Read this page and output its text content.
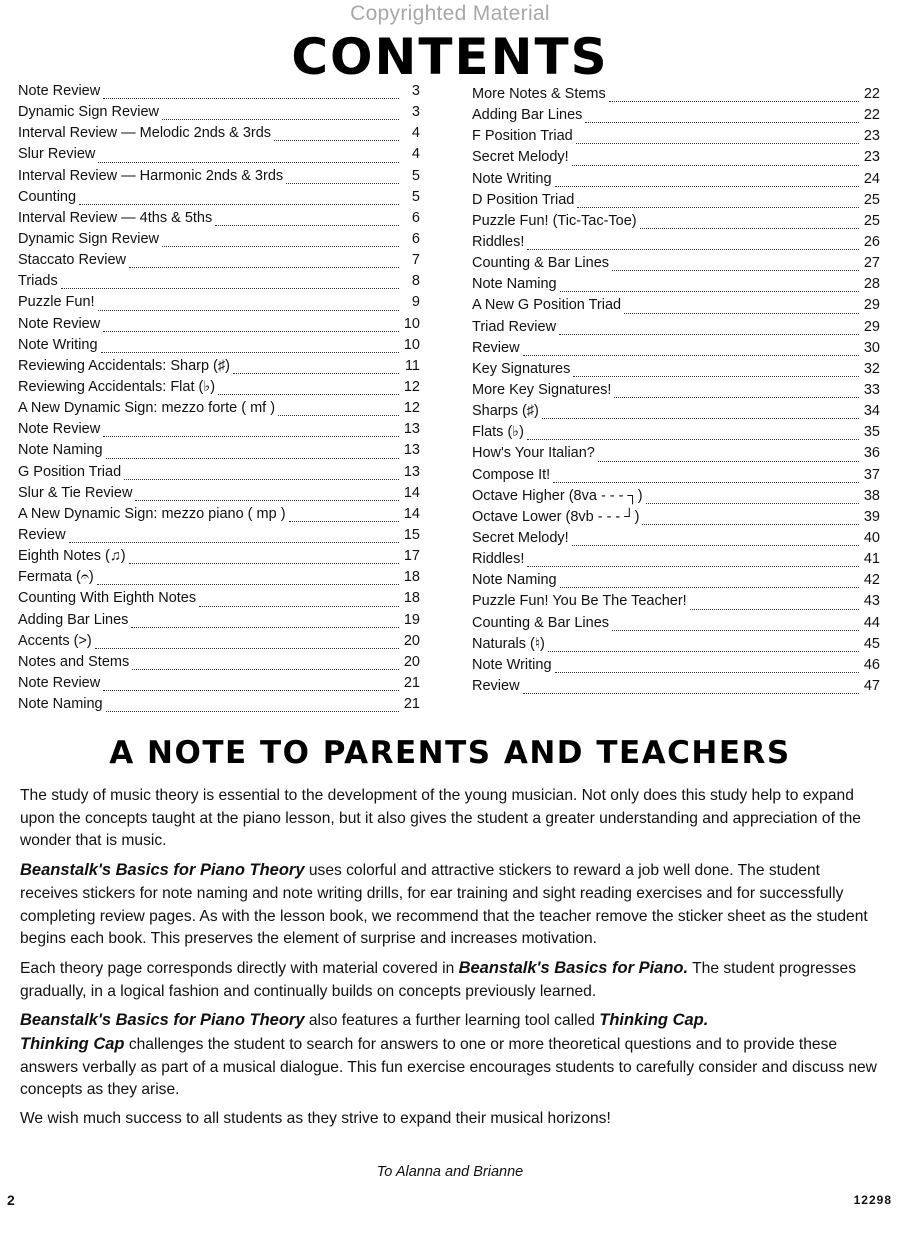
Copyrighted Material
CONTENTS
Note Review	3
Dynamic Sign Review	3
Interval Review — Melodic 2nds & 3rds	4
Slur Review	4
Interval Review — Harmonic 2nds & 3rds	5
Counting	5
Interval Review — 4ths & 5ths	6
Dynamic Sign Review	6
Staccato Review	7
Triads	8
Puzzle Fun!	9
Note Review	10
Note Writing	10
Reviewing Accidentals: Sharp (♯)	11
Reviewing Accidentals: Flat (♭)	12
A New Dynamic Sign: mezzo forte ( mf )	12
Note Review	13
Note Naming	13
G Position Triad	13
Slur & Tie Review	14
A New Dynamic Sign: mezzo piano ( mp )	14
Review	15
Eighth Notes (♫)	17
Fermata (𝄐)	18
Counting With Eighth Notes	18
Adding Bar Lines	19
Accents (>)	20
Notes and Stems	20
Note Review	21
Note Naming	21
More Notes & Stems	22
Adding Bar Lines	22
F Position Triad	23
Secret Melody!	23
Note Writing	24
D Position Triad	25
Puzzle Fun! (Tic-Tac-Toe)	25
Riddles!	26
Counting & Bar Lines	27
Note Naming	28
A New G Position Triad	29
Triad Review	29
Review	30
Key Signatures	32
More Key Signatures!	33
Sharps (♯)	34
Flats (♭)	35
How's Your Italian?	36
Compose It!	37
Octave Higher (8va - - - ┐)	38
Octave Lower (8vb - - - ┘)	39
Secret Melody!	40
Riddles!	41
Note Naming	42
Puzzle Fun! You Be The Teacher!	43
Counting & Bar Lines	44
Naturals (♮)	45
Note Writing	46
Review	47
A NOTE TO PARENTS AND TEACHERS

The study of music theory is essential to the development of the young musician. Not only does this study help to expand upon the concepts taught at the piano lesson, but it also gives the student a greater understanding and appreciation of the wonder that is music.

Beanstalk's Basics for Piano Theory uses colorful and attractive stickers to reward a job well done. The student receives stickers for note naming and note writing drills, for ear training and sight reading exercises and for successfully completing review pages. As with the lesson book, we recommend that the teacher remove the sticker sheet as the student begins each book. This preserves the element of surprise and increases motivation.

Each theory page corresponds directly with material covered in Beanstalk's Basics for Piano. The student progresses gradually, in a logical fashion and continually builds on concepts previously learned.

Beanstalk's Basics for Piano Theory also features a further learning tool called Thinking Cap.
Thinking Cap challenges the student to search for answers to one or more theoretical questions and to provide these answers verbally as part of a musical dialogue. This fun exercise encourages students to carefully consider and discuss new concepts as they arise.

We wish much success to all students as they strive to expand their musical horizons!

To Alanna and Brianne
2	12298
